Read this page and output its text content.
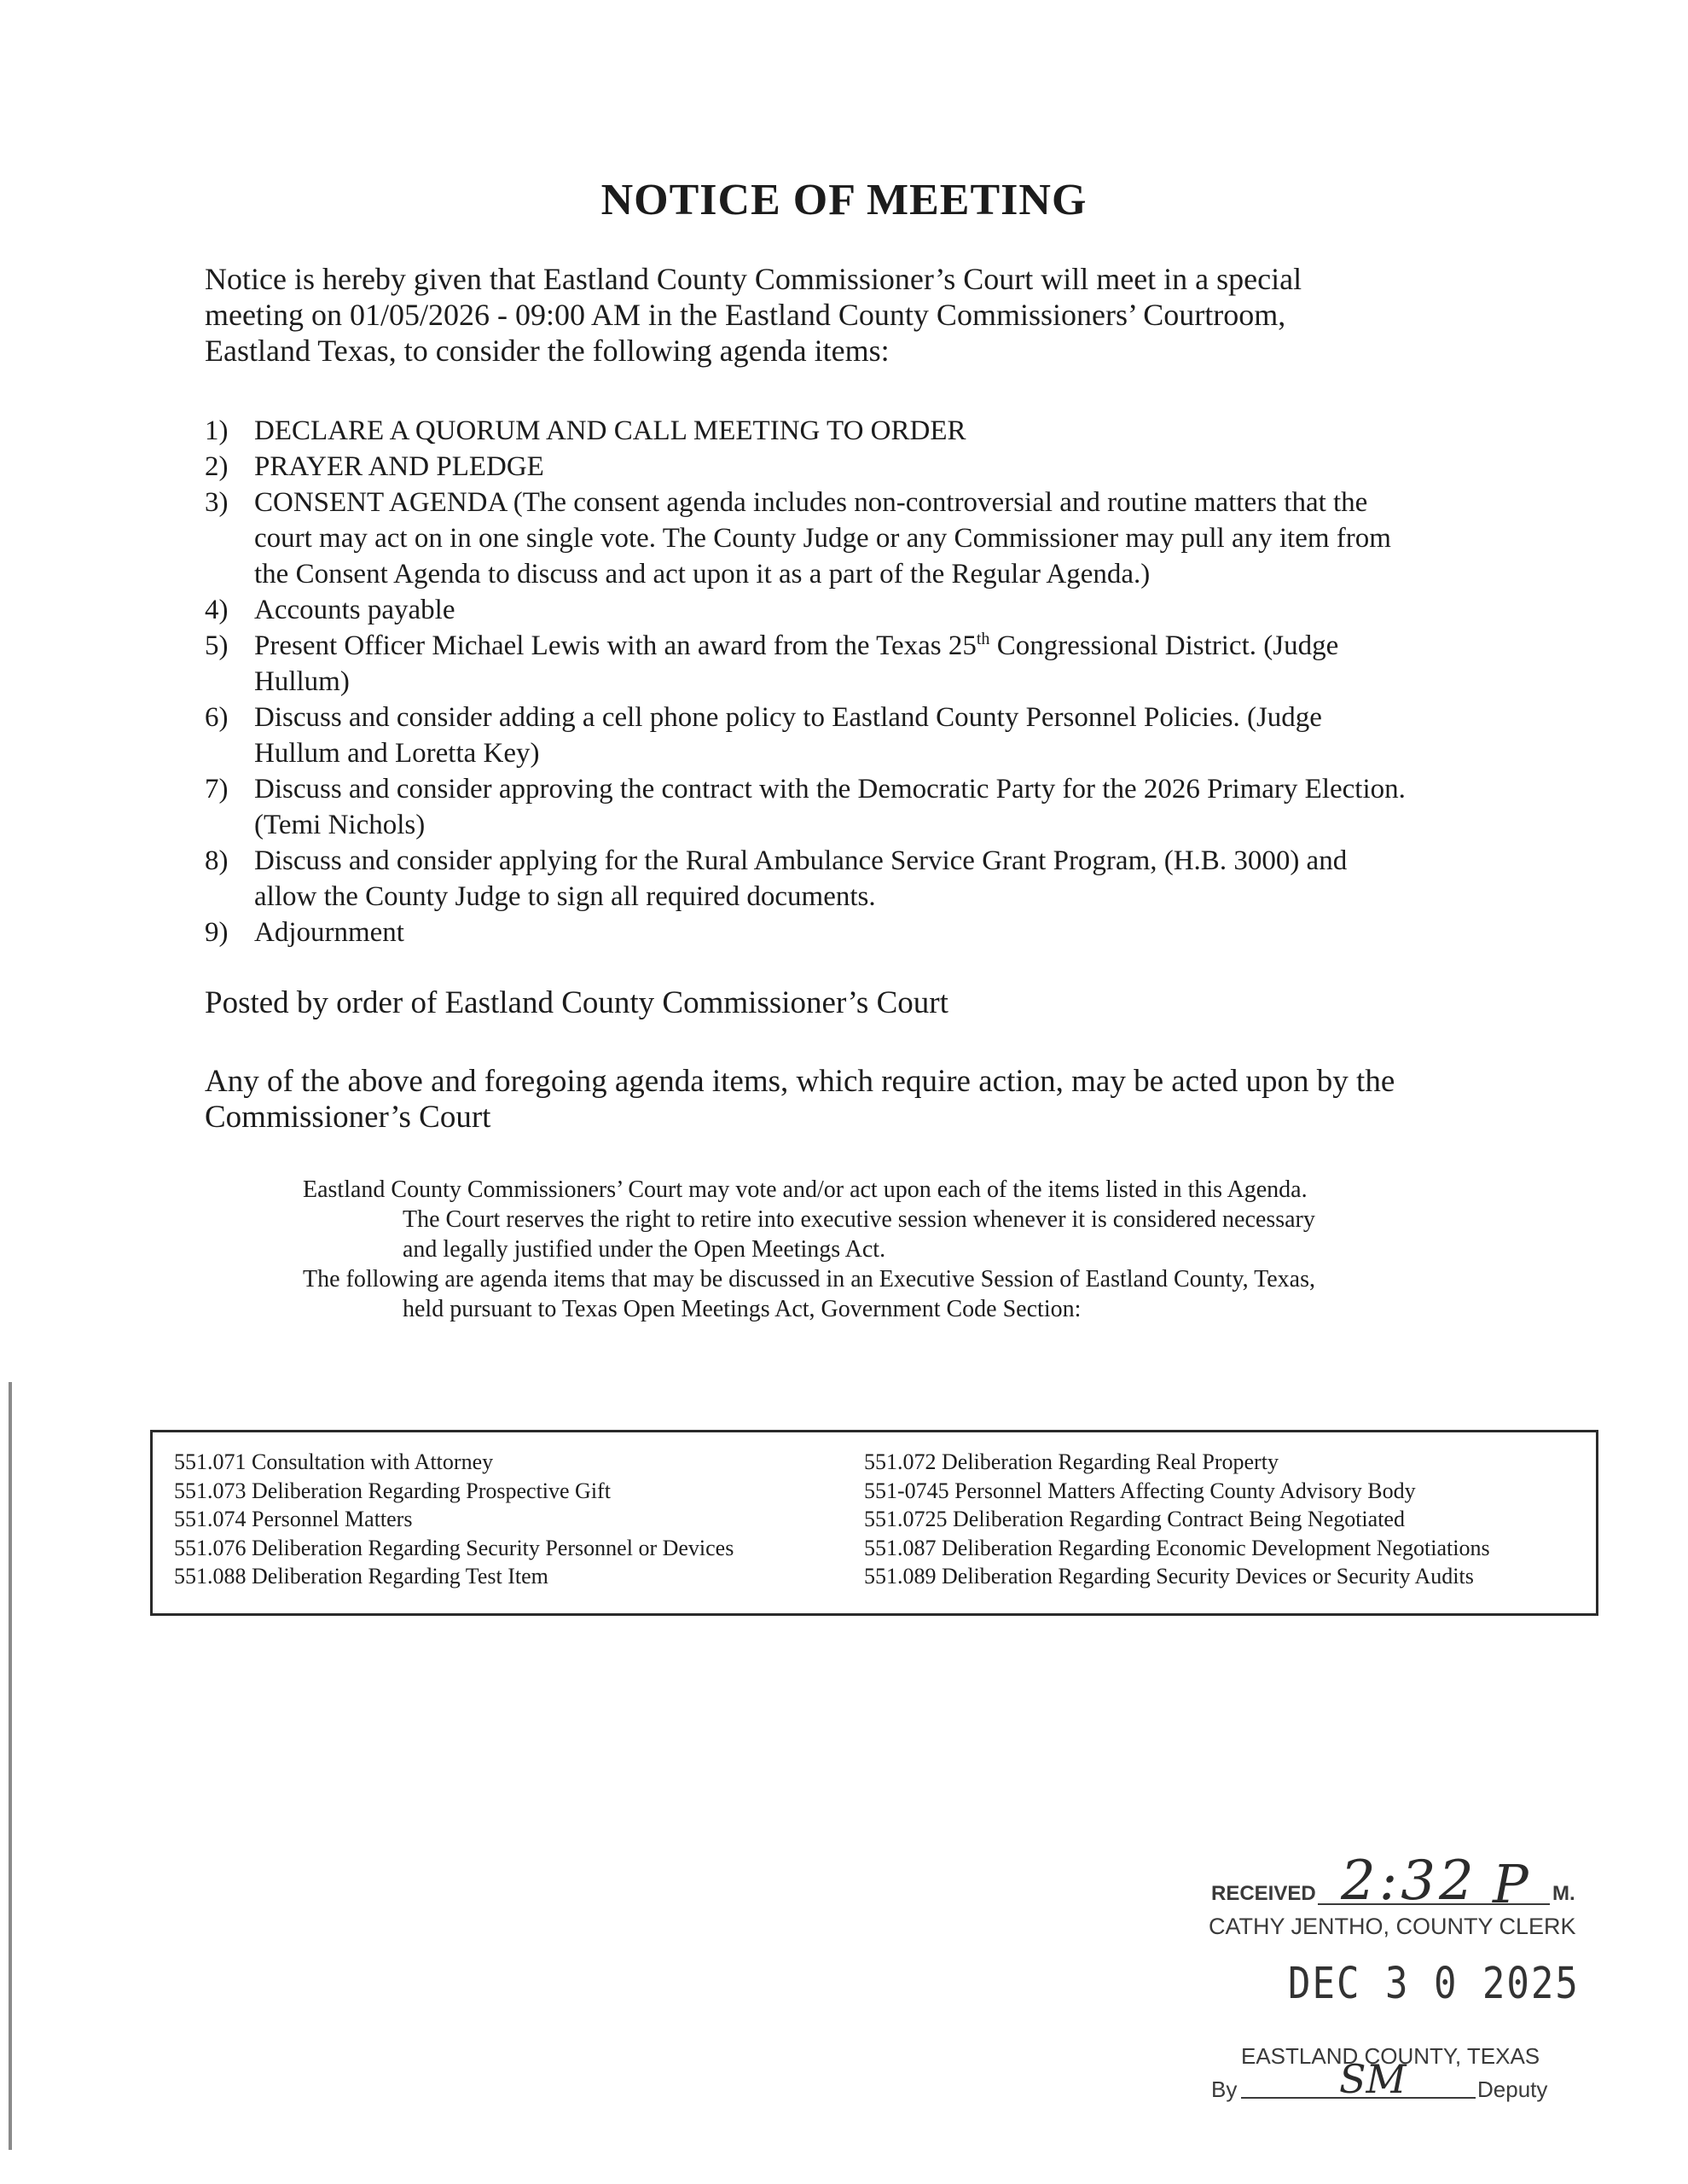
NOTICE OF MEETING
Notice is hereby given that Eastland County Commissioner’s Court will meet in a special
meeting on 01/05/2026 - 09:00 AM in the Eastland County Commissioners’ Courtroom,
Eastland Texas, to consider the following agenda items:
1) DECLARE A QUORUM AND CALL MEETING TO ORDER
2) PRAYER AND PLEDGE
3) CONSENT AGENDA (The consent agenda includes non-controversial and routine matters that the
court may act on in one single vote. The County Judge or any Commissioner may pull any item from
the Consent Agenda to discuss and act upon it as a part of the Regular Agenda.)
4) Accounts payable
5) Present Officer Michael Lewis with an award from the Texas 25th Congressional District. (Judge
Hullum)
6) Discuss and consider adding a cell phone policy to Eastland County Personnel Policies. (Judge
Hullum and Loretta Key)
7) Discuss and consider approving the contract with the Democratic Party for the 2026 Primary Election.
(Temi Nichols)
8) Discuss and consider applying for the Rural Ambulance Service Grant Program, (H.B. 3000) and
allow the County Judge to sign all required documents.
9) Adjournment
Posted by order of Eastland County Commissioner’s Court
Any of the above and foregoing agenda items, which require action, may be acted upon by the
Commissioner’s Court
Eastland County Commissioners’ Court may vote and/or act upon each of the items listed in this Agenda.
The Court reserves the right to retire into executive session whenever it is considered necessary
and legally justified under the Open Meetings Act.
The following are agenda items that may be discussed in an Executive Session of Eastland County, Texas,
held pursuant to Texas Open Meetings Act, Government Code Section:
551.071 Consultation with Attorney
551.073 Deliberation Regarding Prospective Gift
551.074 Personnel Matters
551.076 Deliberation Regarding Security Personnel or Devices
551.088 Deliberation Regarding Test Item
551.072 Deliberation Regarding Real Property
551-0745 Personnel Matters Affecting County Advisory Body
551.0725 Deliberation Regarding Contract Being Negotiated
551.087 Deliberation Regarding Economic Development Negotiations
551.089 Deliberation Regarding Security Devices or Security Audits
RECEIVED 2:32 P M.
CATHY JENTHO, COUNTY CLERK
DEC 3 0 2025
EASTLAND COUNTY, TEXAS
By	SM	Deputy
